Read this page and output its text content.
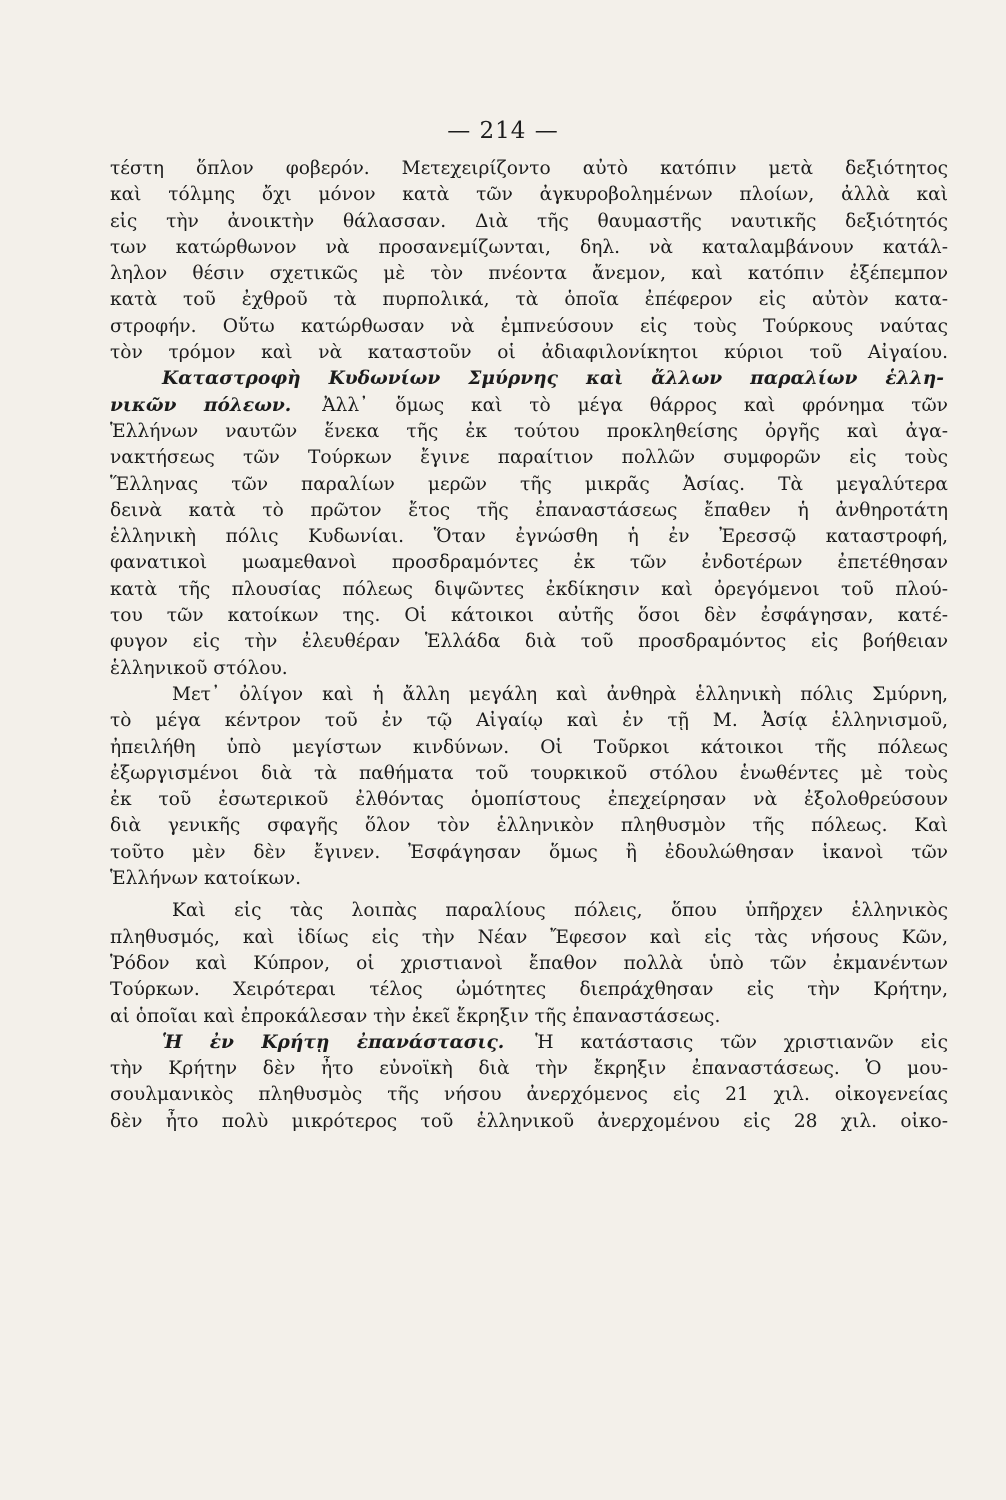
— 214 —
τέστη ὅπλον φοβερόν. Μετεχειρίζοντο αὐτὸ κατόπιν μετὰ δεξιότητος
καὶ τόλμης ὄχι μόνον κατὰ τῶν ἀγκυροβολημένων πλοίων, ἀλλὰ καὶ
εἰς τὴν ἀνοικτὴν θάλασσαν. Διὰ τῆς θαυμαστῆς ναυτικῆς δεξιότητός
των κατώρθωνον νὰ προσανεμίζωνται, δηλ. νὰ καταλαμβάνουν κατάλ-
ληλον θέσιν σχετικῶς μὲ τὸν πνέοντα ἄνεμον, καὶ κατόπιν ἐξέπεμπον
κατὰ τοῦ ἐχθροῦ τὰ πυρπολικά, τὰ ὁποῖα ἐπέφερον εἰς αὐτὸν κατα-
στροφήν. Οὕτω κατώρθωσαν νὰ ἐμπνεύσουν εἰς τοὺς Τούρκους ναύτας
τὸν τρόμον καὶ νὰ καταστοῦν οἱ ἀδιαφιλονίκητοι κύριοι τοῦ Αἰγαίου.
Καταστροφὴ Κυδωνίων Σμύρνης καὶ ἄλλων παραλίων ἑλλη-
νικῶν πόλεων. Ἀλλ᾽ ὅμως καὶ τὸ μέγα θάρρος καὶ φρόνημα τῶν
Ἑλλήνων ναυτῶν ἕνεκα τῆς ἐκ τούτου προκληθείσης ὀργῆς καὶ ἀγα-
νακτήσεως τῶν Τούρκων ἔγινε παραίτιον πολλῶν συμφορῶν εἰς τοὺς
Ἕλληνας τῶν παραλίων μερῶν τῆς μικρᾶς Ἀσίας. Τὰ μεγαλύτερα
δεινὰ κατὰ τὸ πρῶτον ἔτος τῆς ἐπαναστάσεως ἔπαθεν ἡ ἀνθηροτάτη
ἑλληνικὴ πόλις Κυδωνίαι. Ὅταν ἐγνώσθη ἡ ἐν Ἐρεσσῷ καταστροφή,
φανατικοὶ μωαμεθανοὶ προσδραμόντες ἐκ τῶν ἐνδοτέρων ἐπετέθησαν
κατὰ τῆς πλουσίας πόλεως διψῶντες ἐκδίκησιν καὶ ὀρεγόμενοι τοῦ πλού-
του τῶν κατοίκων της. Οἱ κάτοικοι αὐτῆς ὅσοι δὲν ἐσφάγησαν, κατέ-
φυγον εἰς τὴν ἐλευθέραν Ἑλλάδα διὰ τοῦ προσδραμόντος εἰς βοήθειαν
ἑλληνικοῦ στόλου.
Μετ᾽ ὀλίγον καὶ ἡ ἄλλη μεγάλη καὶ ἀνθηρὰ ἑλληνικὴ πόλις Σμύρνη,
τὸ μέγα κέντρον τοῦ ἐν τῷ Αἰγαίῳ καὶ ἐν τῇ Μ. Ἀσίᾳ ἑλληνισμοῦ,
ἠπειλήθη ὑπὸ μεγίστων κινδύνων. Οἱ Τοῦρκοι κάτοικοι τῆς πόλεως
ἐξωργισμένοι διὰ τὰ παθήματα τοῦ τουρκικοῦ στόλου ἑνωθέντες μὲ τοὺς
ἐκ τοῦ ἐσωτερικοῦ ἐλθόντας ὁμοπίστους ἐπεχείρησαν νὰ ἐξολοθρεύσουν
διὰ γενικῆς σφαγῆς ὅλον τὸν ἑλληνικὸν πληθυσμὸν τῆς πόλεως. Καὶ
τοῦτο μὲν δὲν ἔγινεν. Ἐσφάγησαν ὅμως ἢ ἐδουλώθησαν ἱκανοὶ τῶν
Ἑλλήνων κατοίκων.
Καὶ εἰς τὰς λοιπὰς παραλίους πόλεις, ὅπου ὑπῆρχεν ἑλληνικὸς
πληθυσμός, καὶ ἰδίως εἰς τὴν Νέαν Ἔφεσον καὶ εἰς τὰς νήσους Κῶν,
Ῥόδον καὶ Κύπρον, οἱ χριστιανοὶ ἔπαθον πολλὰ ὑπὸ τῶν ἐκμανέντων
Τούρκων. Χειρότεραι τέλος ὠμότητες διεπράχθησαν εἰς τὴν Κρήτην,
αἱ ὁποῖαι καὶ ἐπροκάλεσαν τὴν ἐκεῖ ἔκρηξιν τῆς ἐπαναστάσεως.
Ἡ ἐν Κρήτῃ ἐπανάστασις. Ἡ κατάστασις τῶν χριστιανῶν εἰς
τὴν Κρήτην δὲν ἦτο εὐνοϊκὴ διὰ τὴν ἔκρηξιν ἐπαναστάσεως. Ὁ μου-
σουλμανικὸς πληθυσμὸς τῆς νήσου ἀνερχόμενος εἰς 21 χιλ. οἰκογενείας
δὲν ἦτο πολὺ μικρότερος τοῦ ἑλληνικοῦ ἀνερχομένου εἰς 28 χιλ. οἰκο-
